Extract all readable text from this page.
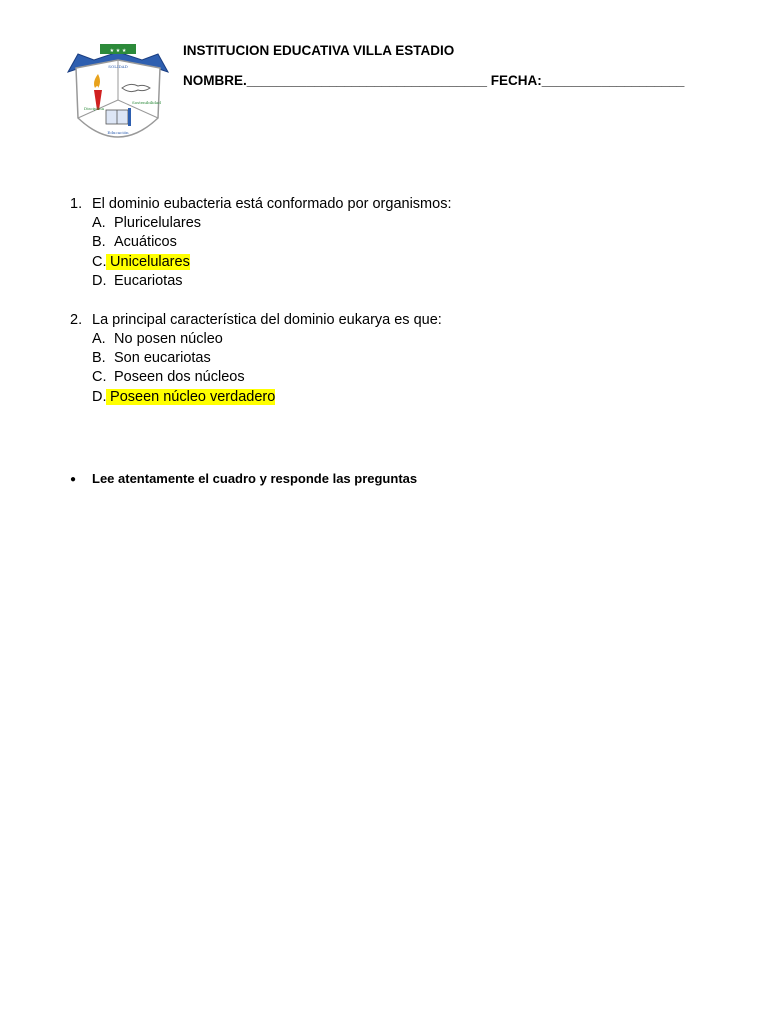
★ ★ ★
SOLIDAD
Disciplina
Sostenibilidad
Educación
INSTITUCION EDUCATIVA VILLA ESTADIO
NOMBRE.________________________________ FECHA:___________________
1. El dominio eubacteria está conformado por organismos:
A. Pluricelulares
B. Acuáticos
C. Unicelulares
D. Eucariotas
2. La principal característica del dominio eukarya es que:
A. No posen núcleo
B. Son eucariotas
C. Poseen dos núcleos
D. Poseen núcleo verdadero
● Lee atentamente el cuadro y responde las preguntas
